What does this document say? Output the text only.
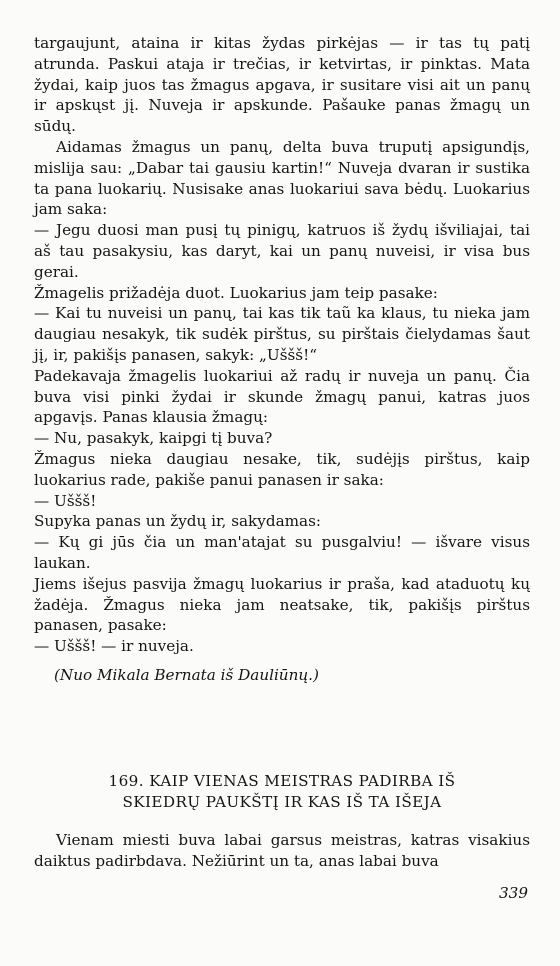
targaujunt, ataina ir kitas žydas pirkėjas — ir tas tų patį atrunda. Paskui ataja ir trečias, ir ketvirtas, ir pinktas. Mata žydai, kaip juos tas žmagus apgava, ir susitare visi ait un panų ir apskųst jį. Nuveja ir apskunde. Pašauke panas žmagų un sūdų.

Aidamas žmagus un panų, delta buva truputį apsigundįs, mislija sau: „Dabar tai gausiu kartin!“ Nuveja dvaran ir sustika ta pana luokarių. Nusisake anas luokariui sava bėdų. Luokarius jam saka:

— Jegu duosi man pusį tų pinigų, katruos iš žydų išviliajai, tai aš tau pasakysiu, kas daryt, kai un panų nuveisi, ir visa bus gerai.

Žmagelis prižadėja duot. Luokarius jam teip pasake:

— Kai tu nuveisi un panų, tai kas tik taũ ka klaus, tu nieka jam daugiau nesakyk, tik sudėk pirštus, su pirštais čielydamas šaut jį, ir, pakišįs panasen, sakyk: „Uššš!“

Padekavaja žmagelis luokariui až radų ir nuveja un panų. Čia buva visi pinki žydai ir skunde žmagų panui, katras juos apgavįs. Panas klausia žmagų:

— Nu, pasakyk, kaipgi tį buva?

Žmagus nieka daugiau nesake, tik, sudėjįs pirštus, kaip luokarius rade, pakiše panui panasen ir saka:

— Uššš!

Supyka panas un žydų ir, sakydamas:

— Kų gi jūs čia un man'atajat su pusgalviu! — išvare visus laukan.

Jiems išejus pasvija žmagų luokarius ir praša, kad ataduotų kų žadėja. Žmagus nieka jam neatsake, tik, pakišįs pirštus panasen, pasake:

— Uššš! — ir nuveja.

(Nuo Mikala Bernata iš Dauliūnų.)

169. KAIP VIENAS MEISTRAS PADIRBA IŠ
SKIEDRŲ PAUKŠTĮ IR KAS IŠ TA IŠEJA

Vienam miesti buva labai garsus meistras, katras visakius daiktus padirbdava. Nežiūrint un ta, anas labai buva

339
